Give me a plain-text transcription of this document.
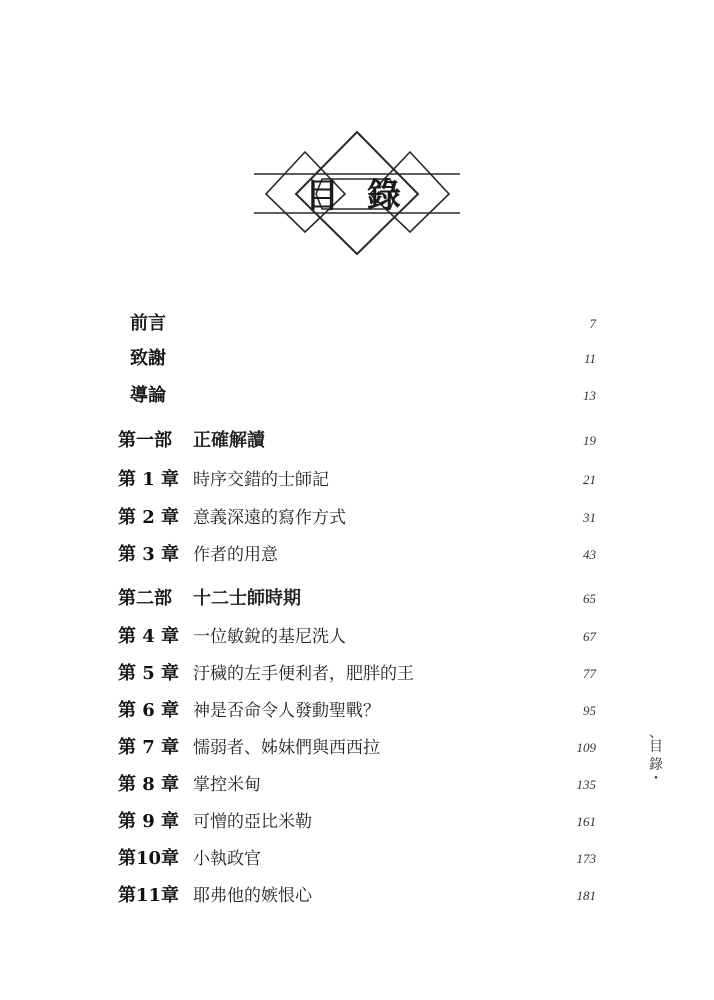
目 錄
前言	7
致謝	11
導論	13
第一部 正確解讀	19
第 1 章 時序交錯的士師記	21
第 2 章 意義深遠的寫作方式	31
第 3 章 作者的用意	43
第二部 十二士師時期	65
第 4 章 一位敏銳的基尼洗人	67
第 5 章 汙穢的左手便利者，肥胖的王	77
第 6 章 神是否命令人發動聖戰？	95
第 7 章 懦弱者、姊妹們與西西拉	109
第 8 章 掌控米甸	135
第 9 章 可憎的亞比米勒	161
第10章 小執政官	173
第11章 耶弗他的嫉恨心	181
、
目
錄
・
